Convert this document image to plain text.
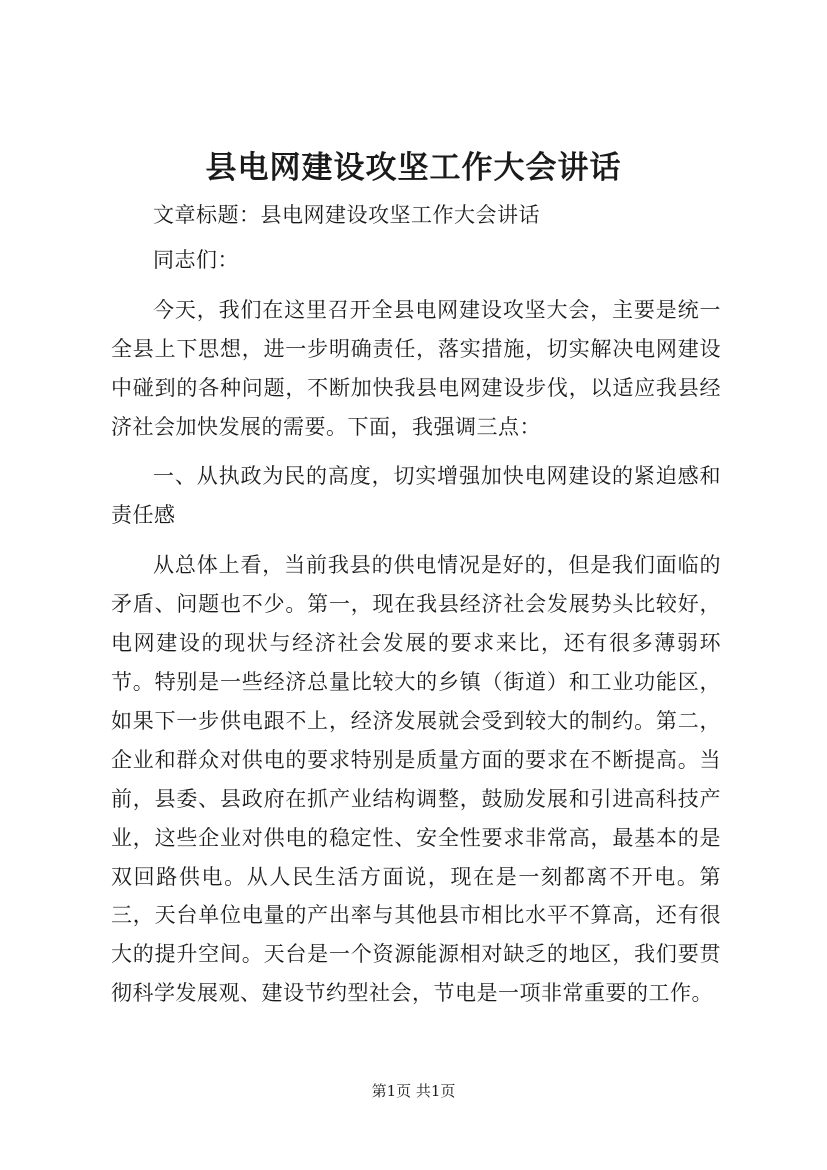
县电网建设攻坚工作大会讲话

文章标题：县电网建设攻坚工作大会讲话

同志们：

今天，我们在这里召开全县电网建设攻坚大会，主要是统一全县上下思想，进一步明确责任，落实措施，切实解决电网建设中碰到的各种问题，不断加快我县电网建设步伐，以适应我县经济社会加快发展的需要。下面，我强调三点：

一、从执政为民的高度，切实增强加快电网建设的紧迫感和责任感

从总体上看，当前我县的供电情况是好的，但是我们面临的矛盾、问题也不少。第一，现在我县经济社会发展势头比较好，电网建设的现状与经济社会发展的要求来比，还有很多薄弱环节。特别是一些经济总量比较大的乡镇（街道）和工业功能区，如果下一步供电跟不上，经济发展就会受到较大的制约。第二，企业和群众对供电的要求特别是质量方面的要求在不断提高。当前，县委、县政府在抓产业结构调整，鼓励发展和引进高科技产业，这些企业对供电的稳定性、安全性要求非常高，最基本的是双回路供电。从人民生活方面说，现在是一刻都离不开电。第三，天台单位电量的产出率与其他县市相比水平不算高，还有很大的提升空间。天台是一个资源能源相对缺乏的地区，我们要贯彻科学发展观、建设节约型社会，节电是一项非常重要的工作。

第1页 共1页
